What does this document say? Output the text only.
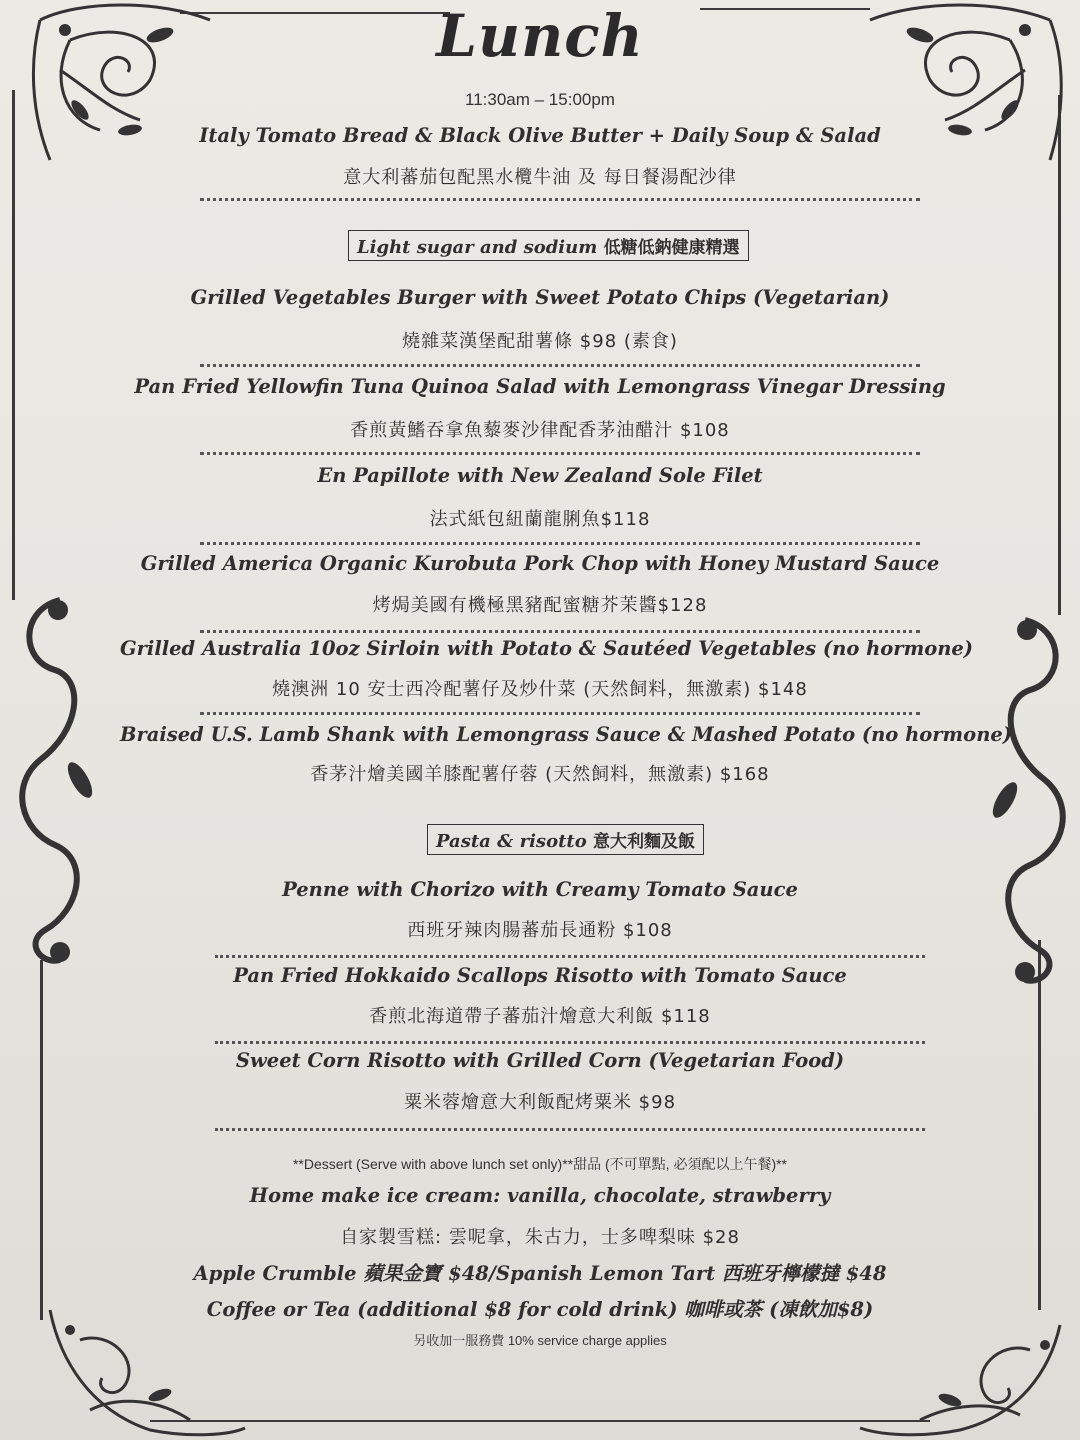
Lunch
11:30am – 15:00pm
Italy Tomato Bread & Black Olive Butter + Daily Soup & Salad
意大利蕃茄包配黑水欖牛油 及 每日餐湯配沙律
Light sugar and sodium 低糖低鈉健康精選
Grilled Vegetables Burger with Sweet Potato Chips (Vegetarian)
燒雜菜漢堡配甜薯條 $98 (素食)
Pan Fried Yellowfin Tuna Quinoa Salad with Lemongrass Vinegar Dressing
香煎黃鰭吞拿魚藜麥沙律配香茅油醋汁 $108
En Papillote with New Zealand Sole Filet
法式紙包紐蘭龍脷魚$118
Grilled America Organic Kurobuta Pork Chop with Honey Mustard Sauce
烤焗美國有機極黑豬配蜜糖芥茉醬$128
Grilled Australia 10oz Sirloin with Potato & Sautéed Vegetables (no hormone)
燒澳洲 10 安士西冷配薯仔及炒什菜 (天然飼料，無激素) $148
Braised U.S. Lamb Shank with Lemongrass Sauce & Mashed Potato (no hormone)
香茅汁燴美國羊膝配薯仔蓉 (天然飼料，無激素) $168
Pasta & risotto 意大利麵及飯
Penne with Chorizo with Creamy Tomato Sauce
西班牙辣肉腸蕃茄長通粉 $108
Pan Fried Hokkaido Scallops Risotto with Tomato Sauce
香煎北海道帶子蕃茄汁燴意大利飯 $118
Sweet Corn Risotto with Grilled Corn (Vegetarian Food)
粟米蓉燴意大利飯配烤粟米 $98
**Dessert (Serve with above lunch set only)**甜品 (不可單點, 必須配以上午餐)**
Home make ice cream: vanilla, chocolate, strawberry
自家製雪糕: 雲呢拿，朱古力，士多啤梨味 $28
Apple Crumble 蘋果金寶 $48/Spanish Lemon Tart 西班牙檸檬撻 $48
Coffee or Tea (additional $8 for cold drink) 咖啡或茶 (凍飲加$8)
另收加一服務費 10% service charge applies
